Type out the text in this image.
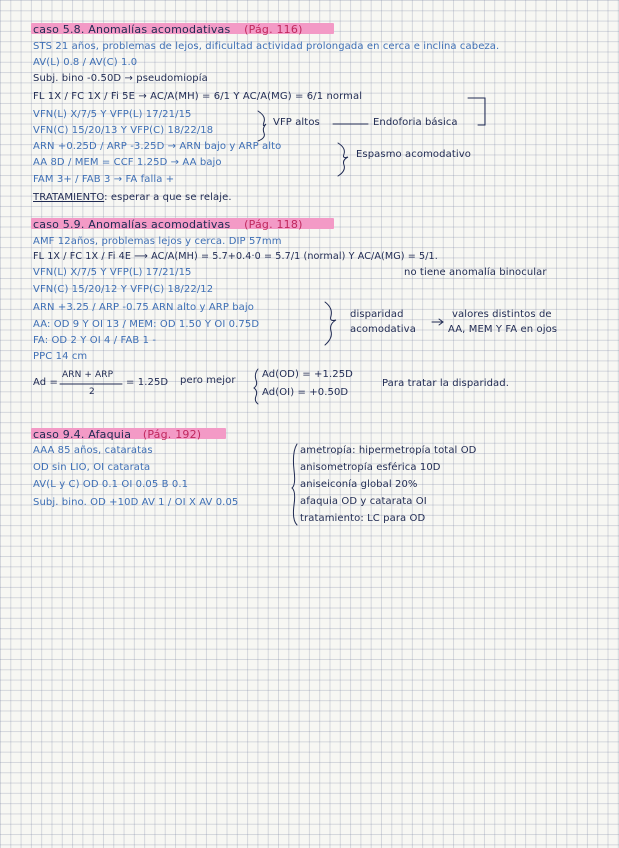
caso 5.8. Anomalías acomodativas (Pág. 116)
STS 21 años, problemas de lejos, dificultad actividad prolongada en cerca e inclina cabeza.
AV(L) 0.8 / AV(C) 1.0
Subj. bino -0.50D → pseudomiopía
FL 1X / FC 1X / Fi 5E → AC/A(MH) = 6/1 Y AC/A(MG) = 6/1 normal
VFN(L) X/7/5 Y VFP(L) 17/21/15
VFN(C) 15/20/13 Y VFP(C) 18/22/18
VFP altos	Endoforia básica
ARN +0.25D / ARP -3.25D → ARN bajo y ARP alto
AA 8D / MEM = CCF 1.25D → AA bajo
Espasmo acomodativo
FAM 3+ / FAB 3 → FA falla +
TRATAMIENTO: esperar a que se relaje.
caso 5.9. Anomalías acomodativas (Pág. 118)
AMF 12años, problemas lejos y cerca. DIP 57mm
FL 1X / FC 1X / Fi 4E ⟶ AC/A(MH) = 5.7+0.4·0 = 5.7/1 (normal) Y AC/A(MG) = 5/1.
no tiene anomalía binocular
VFN(L) X/7/5 Y VFP(L) 17/21/15
VFN(C) 15/20/12 Y VFP(C) 18/22/12
ARN +3.25 / ARP -0.75 ARN alto y ARP bajo
AA: OD 9 Y OI 13 / MEM: OD 1.50 Y OI 0.75D
FA: OD 2 Y OI 4 / FAB 1 -
PPC 14 cm
disparidad
acomodativa
valores distintos de
AA, MEM Y FA en ojos
Ad =
ARN + ARP
2
= 1.25D pero mejor
Ad(OD) = +1.25D
Ad(OI) = +0.50D
Para tratar la disparidad.
caso 9.4. Afaquia (Pág. 192)
AAA 85 años, cataratas
OD sin LIO, OI catarata
AV(L y C) OD 0.1 OI 0.05 B 0.1
Subj. bino. OD +10D AV 1 / OI X AV 0.05
ametropía: hipermetropía total OD
anisometropía esférica 10D
aniseiconía global 20%
afaquia OD y catarata OI
tratamiento: LC para OD
